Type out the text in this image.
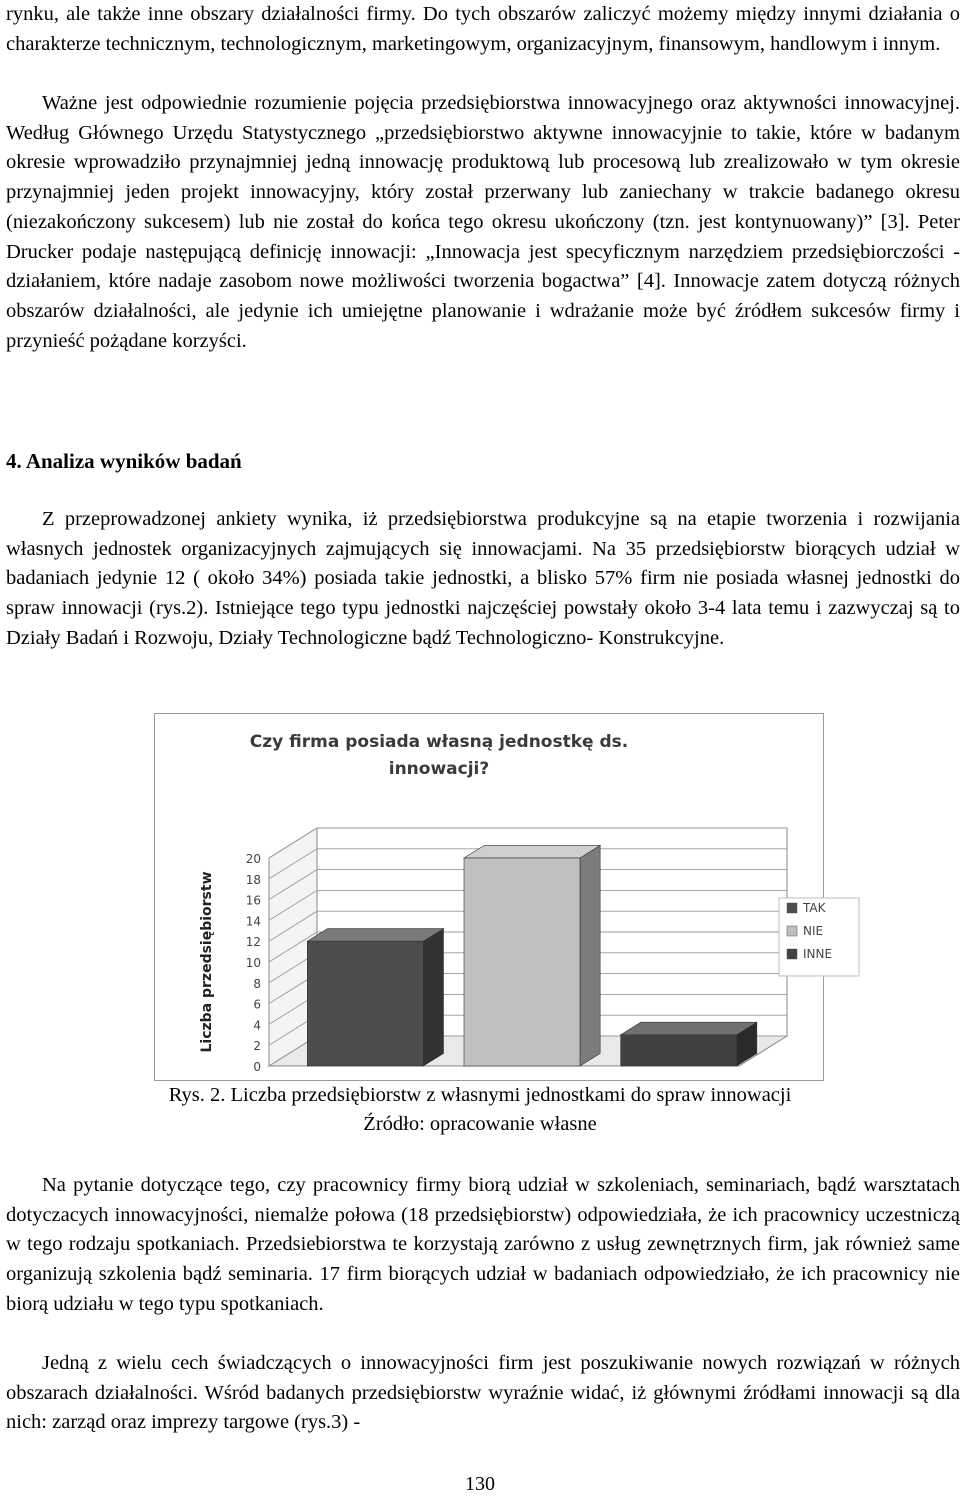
rynku, ale także inne obszary działalności firmy. Do tych obszarów zaliczyć możemy między innymi działania o charakterze technicznym, technologicznym, marketingowym, organizacyjnym, finansowym, handlowym i innym.

Ważne jest odpowiednie rozumienie pojęcia przedsiębiorstwa innowacyjnego oraz aktywności innowacyjnej. Według Głównego Urzędu Statystycznego „przedsiębiorstwo aktywne innowacyjnie to takie, które w badanym okresie wprowadziło przynajmniej jedną innowację produktową lub procesową lub zrealizowało w tym okresie przynajmniej jeden projekt innowacyjny, który został przerwany lub zaniechany w trakcie badanego okresu (niezakończony sukcesem) lub nie został do końca tego okresu ukończony (tzn. jest kontynuowany)” [3]. Peter Drucker podaje następującą definicję innowacji: „Innowacja jest specyficznym narzędziem przedsiębiorczości - działaniem, które nadaje zasobom nowe możliwości tworzenia bogactwa” [4]. Innowacje zatem dotyczą różnych obszarów działalności, ale jedynie ich umiejętne planowanie i wdrażanie może być źródłem sukcesów firmy i przynieść pożądane korzyści.

4. Analiza wyników badań

Z przeprowadzonej ankiety wynika, iż przedsiębiorstwa produkcyjne są na etapie tworzenia i rozwijania własnych jednostek organizacyjnych zajmujących się innowacjami. Na 35 przedsiębiorstw biorących udział w badaniach jedynie 12 ( około 34%) posiada takie jednostki, a blisko 57% firm nie posiada własnej jednostki do spraw innowacji (rys.2). Istniejące tego typu jednostki najczęściej powstały około 3-4 lata temu i zazwyczaj są to Działy Badań i Rozwoju, Działy Technologiczne bądź Technologiczno- Konstrukcyjne.

Czy firma posiada własną jednostkę ds.
innowacji?
Liczba przedsiębiorstw
0
2
4
6
8
10
12
14
16
18
20
TAK
NIE
INNE

Rys. 2. Liczba przedsiębiorstw z własnymi jednostkami do spraw innowacji

Źródło: opracowanie własne

Na pytanie dotyczące tego, czy pracownicy firmy biorą udział w szkoleniach, seminariach, bądź warsztatach dotyczacych innowacyjności, niemalże połowa (18 przedsiębiorstw) odpowiedziała, że ich pracownicy uczestniczą w tego rodzaju spotkaniach. Przedsiebiorstwa te korzystają zarówno z usług zewnętrznych firm, jak również same organizują szkolenia bądź seminaria. 17 firm biorących udział w badaniach odpowiedziało, że ich pracownicy nie biorą udziału w tego typu spotkaniach.

Jedną z wielu cech świadczących o innowacyjności firm jest poszukiwanie nowych rozwiązań w różnych obszarach działalności. Wśród badanych przedsiębiorstw wyraźnie widać, iż głównymi źródłami innowacji są dla nich: zarząd oraz imprezy targowe (rys.3) -

130
